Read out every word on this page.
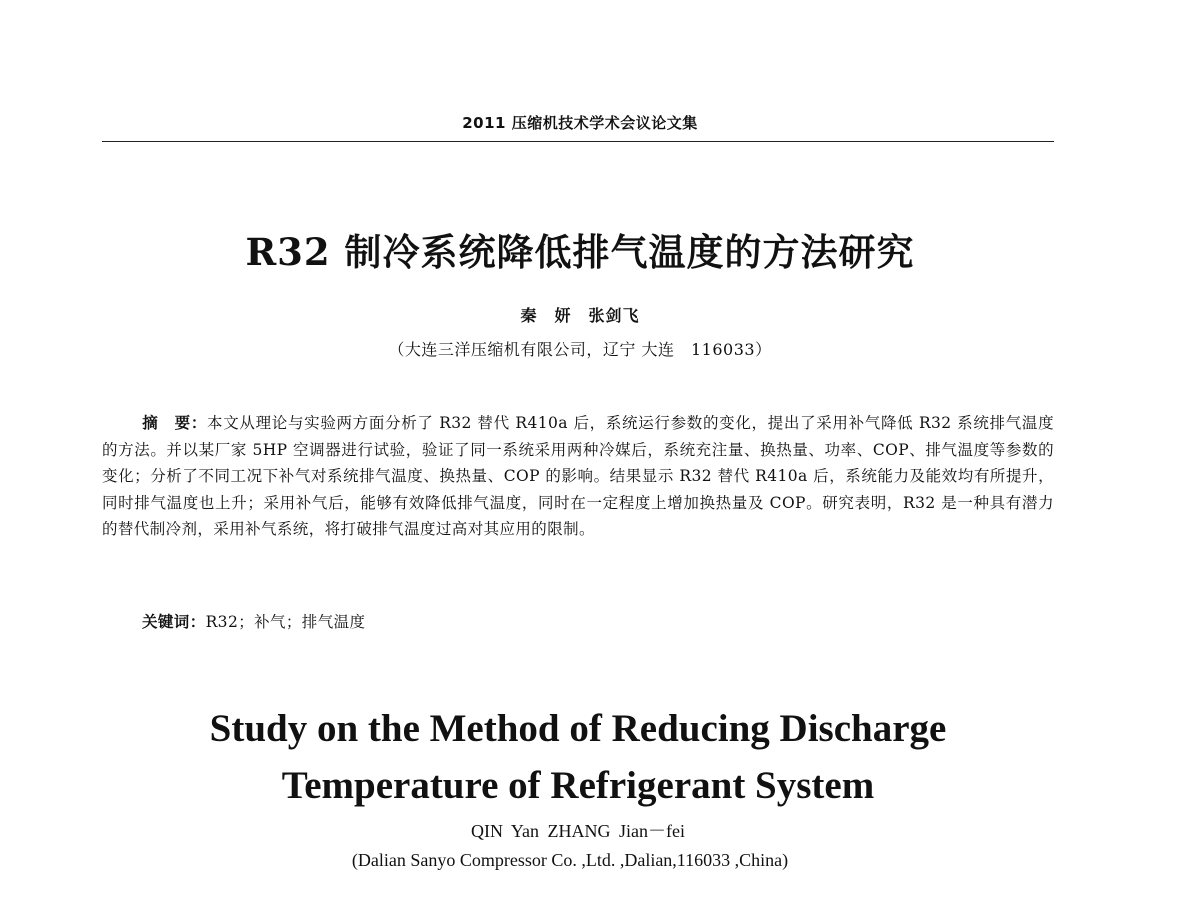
2011 压缩机技术学术会议论文集
R32 制冷系统降低排气温度的方法研究
秦　妍　张剑飞
（大连三洋压缩机有限公司，辽宁 大连　116033）
摘　要：本文从理论与实验两方面分析了 R32 替代 R410a 后，系统运行参数的变化，提出了采用补气降低 R32 系统排气温度的方法。并以某厂家 5HP 空调器进行试验，验证了同一系统采用两种冷媒后，系统充注量、换热量、功率、COP、排气温度等参数的变化；分析了不同工况下补气对系统排气温度、换热量、COP 的影响。结果显示 R32 替代 R410a 后，系统能力及能效均有所提升，同时排气温度也上升；采用补气后，能够有效降低排气温度，同时在一定程度上增加换热量及 COP。研究表明，R32 是一种具有潜力的替代制冷剂，采用补气系统，将打破排气温度过高对其应用的限制。
关键词：R32；补气；排气温度
Study on the Method of Reducing Discharge
Temperature of Refrigerant System
QIN Yan ZHANG Jian－fei
(Dalian Sanyo Compressor Co. ,Ltd. ,Dalian,116033 ,China)
